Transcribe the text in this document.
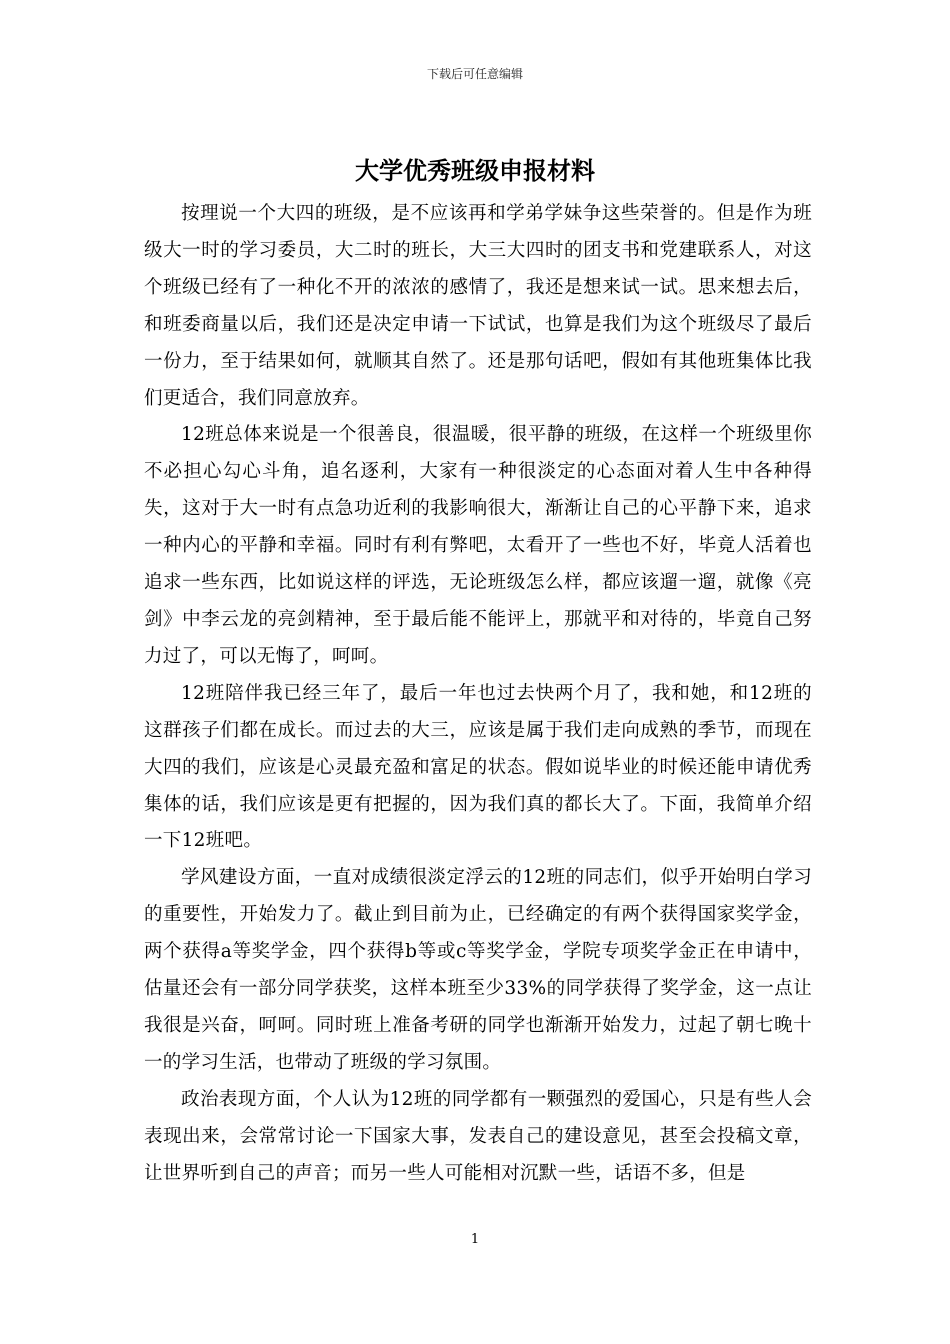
下载后可任意编辑
大学优秀班级申报材料

按理说一个大四的班级，是不应该再和学弟学妹争这些荣誉的。但是作为班级大一时的学习委员，大二时的班长，大三大四时的团支书和党建联系人，对这个班级已经有了一种化不开的浓浓的感情了，我还是想来试一试。思来想去后，和班委商量以后，我们还是决定申请一下试试，也算是我们为这个班级尽了最后一份力，至于结果如何，就顺其自然了。还是那句话吧，假如有其他班集体比我们更适合，我们同意放弃。

12班总体来说是一个很善良，很温暖，很平静的班级，在这样一个班级里你不必担心勾心斗角，追名逐利，大家有一种很淡定的心态面对着人生中各种得失，这对于大一时有点急功近利的我影响很大，渐渐让自己的心平静下来，追求一种内心的平静和幸福。同时有利有弊吧，太看开了一些也不好，毕竟人活着也追求一些东西，比如说这样的评选，无论班级怎么样，都应该遛一遛，就像《亮剑》中李云龙的亮剑精神，至于最后能不能评上，那就平和对待的，毕竟自己努力过了，可以无悔了，呵呵。

12班陪伴我已经三年了，最后一年也过去快两个月了，我和她，和12班的这群孩子们都在成长。而过去的大三，应该是属于我们走向成熟的季节，而现在大四的我们，应该是心灵最充盈和富足的状态。假如说毕业的时候还能申请优秀集体的话，我们应该是更有把握的，因为我们真的都长大了。下面，我简单介绍一下12班吧。

学风建设方面，一直对成绩很淡定浮云的12班的同志们，似乎开始明白学习的重要性，开始发力了。截止到目前为止，已经确定的有两个获得国家奖学金，两个获得a等奖学金，四个获得b等或c等奖学金，学院专项奖学金正在申请中，估量还会有一部分同学获奖，这样本班至少33%的同学获得了奖学金，这一点让我很是兴奋，呵呵。同时班上准备考研的同学也渐渐开始发力，过起了朝七晚十一的学习生活，也带动了班级的学习氛围。

政治表现方面，个人认为12班的同学都有一颗强烈的爱国心，只是有些人会表现出来，会常常讨论一下国家大事，发表自己的建设意见，甚至会投稿文章，让世界听到自己的声音；而另一些人可能相对沉默一些，话语不多，但是

1
